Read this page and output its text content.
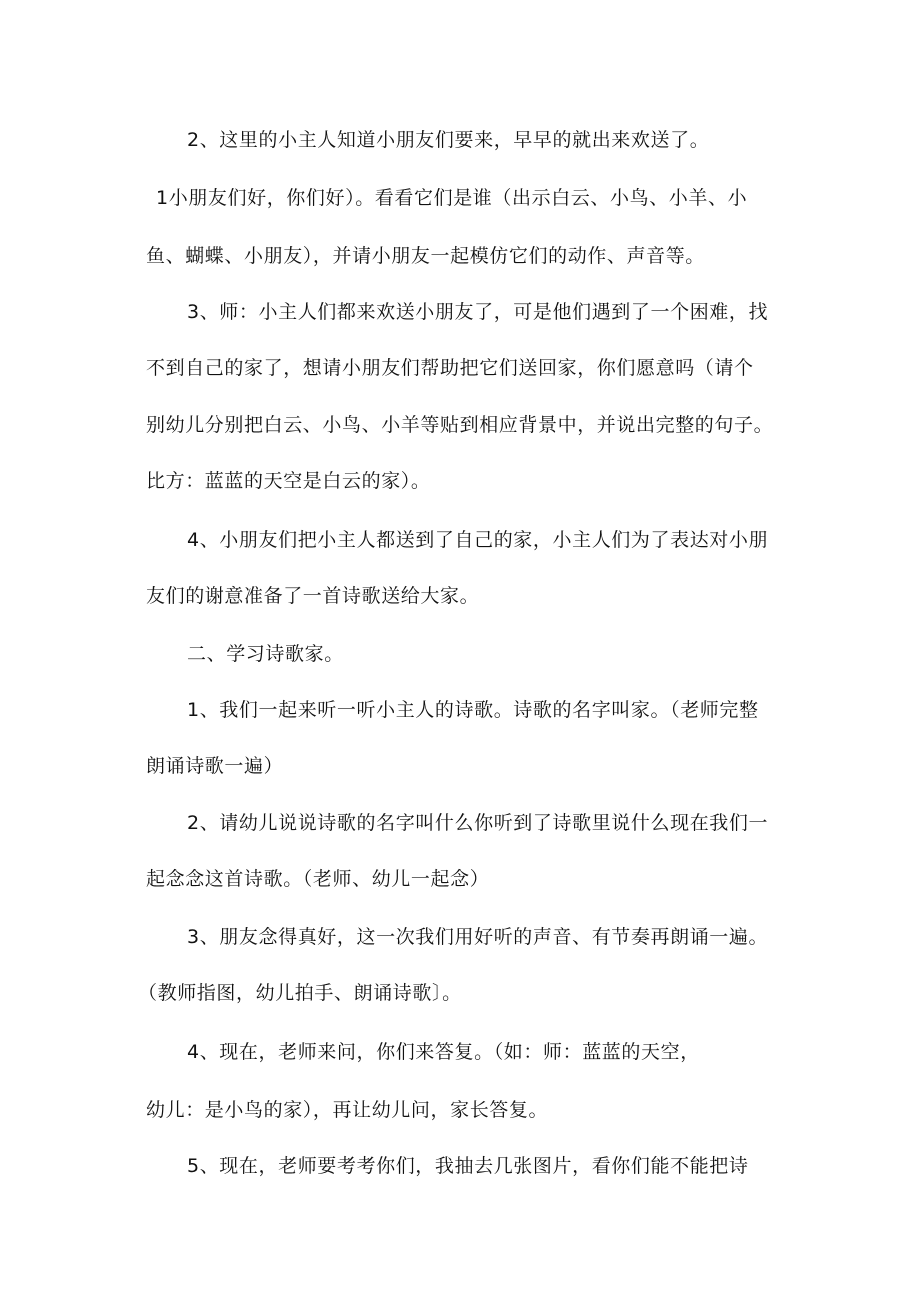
2、这里的小主人知道小朋友们要来，早早的就出来欢送了。

1小朋友们好，你们好）。看看它们是谁（出示白云、小鸟、小羊、小

鱼、蝴蝶、小朋友），并请小朋友一起模仿它们的动作、声音等。

3、师：小主人们都来欢送小朋友了，可是他们遇到了一个困难，找

不到自己的家了，想请小朋友们帮助把它们送回家，你们愿意吗（请个

别幼儿分别把白云、小鸟、小羊等贴到相应背景中，并说出完整的句子。

比方：蓝蓝的天空是白云的家）。

4、小朋友们把小主人都送到了自己的家，小主人们为了表达对小朋

友们的谢意准备了一首诗歌送给大家。

二、学习诗歌家。

1、我们一起来听一听小主人的诗歌。诗歌的名字叫家。（老师完整

朗诵诗歌一遍）

2、请幼儿说说诗歌的名字叫什么你听到了诗歌里说什么现在我们一

起念念这首诗歌。（老师、幼儿一起念）

3、朋友念得真好，这一次我们用好听的声音、有节奏再朗诵一遍。

（教师指图，幼儿拍手、朗诵诗歌〕。

4、现在，老师来问，你们来答复。（如：师：蓝蓝的天空，

幼儿：是小鸟的家），再让幼儿问，家长答复。

5、现在，老师要考考你们，我抽去几张图片，看你们能不能把诗
